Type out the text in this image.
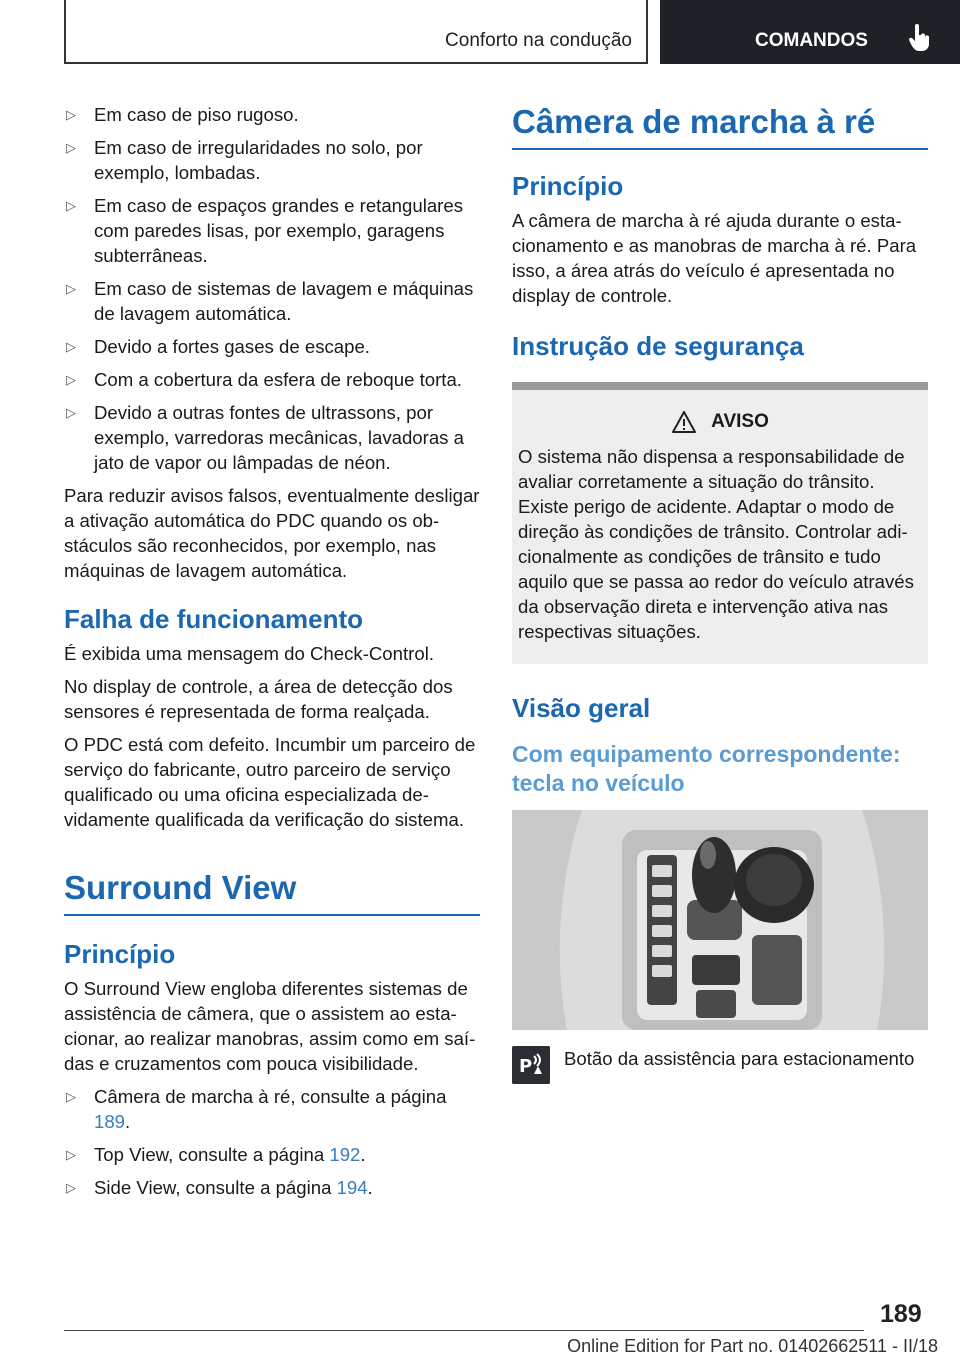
Conforto na condução	COMANDOS
▷ Em caso de piso rugoso.
▷ Em caso de irregularidades no solo, por exemplo, lombadas.
▷ Em caso de espaços grandes e retangulares com paredes lisas, por exemplo, garagens subterrâneas.
▷ Em caso de sistemas de lavagem e máquinas de lavagem automática.
▷ Devido a fortes gases de escape.
▷ Com a cobertura da esfera de reboque torta.
▷ Devido a outras fontes de ultrassons, por exemplo, varredoras mecânicas, lavadoras a jato de vapor ou lâmpadas de néon.

Para reduzir avisos falsos, eventualmente desligar a ativação automática do PDC quando os obstáculos são reconhecidos, por exemplo, nas máquinas de lavagem automática.

Falha de funcionamento

É exibida uma mensagem do Check-Control.

No display de controle, a área de detecção dos sensores é representada de forma realçada.

O PDC está com defeito. Incumbir um parceiro de serviço do fabricante, outro parceiro de serviço qualificado ou uma oficina especializada devidamente qualificada da verificação do sistema.

Surround View
Princípio

O Surround View engloba diferentes sistemas de assistência de câmera, que o assistem ao estacionar, ao realizar manobras, assim como em saídas e cruzamentos com pouca visibilidade.

▷ Câmera de marcha à ré, consulte a página 189.
▷ Top View, consulte a página 192.
▷ Side View, consulte a página 194.
Câmera de marcha à ré
Princípio

A câmera de marcha à ré ajuda durante o estacionamento e as manobras de marcha à ré. Para isso, a área atrás do veículo é apresentada no display de controle.

Instrução de segurança
AVISO

O sistema não dispensa a responsabilidade de avaliar corretamente a situação do trânsito. Existe perigo de acidente. Adaptar o modo de direção às condições de trânsito. Controlar adicionalmente as condições de trânsito e tudo aquilo que se passa ao redor do veículo através da observação direta e intervenção ativa nas respectivas situações.

Visão geral
Com equipamento correspondente: tecla no veículo
P Botão da assistência para estacionamento

189
Online Edition for Part no. 01402662511 - II/18
